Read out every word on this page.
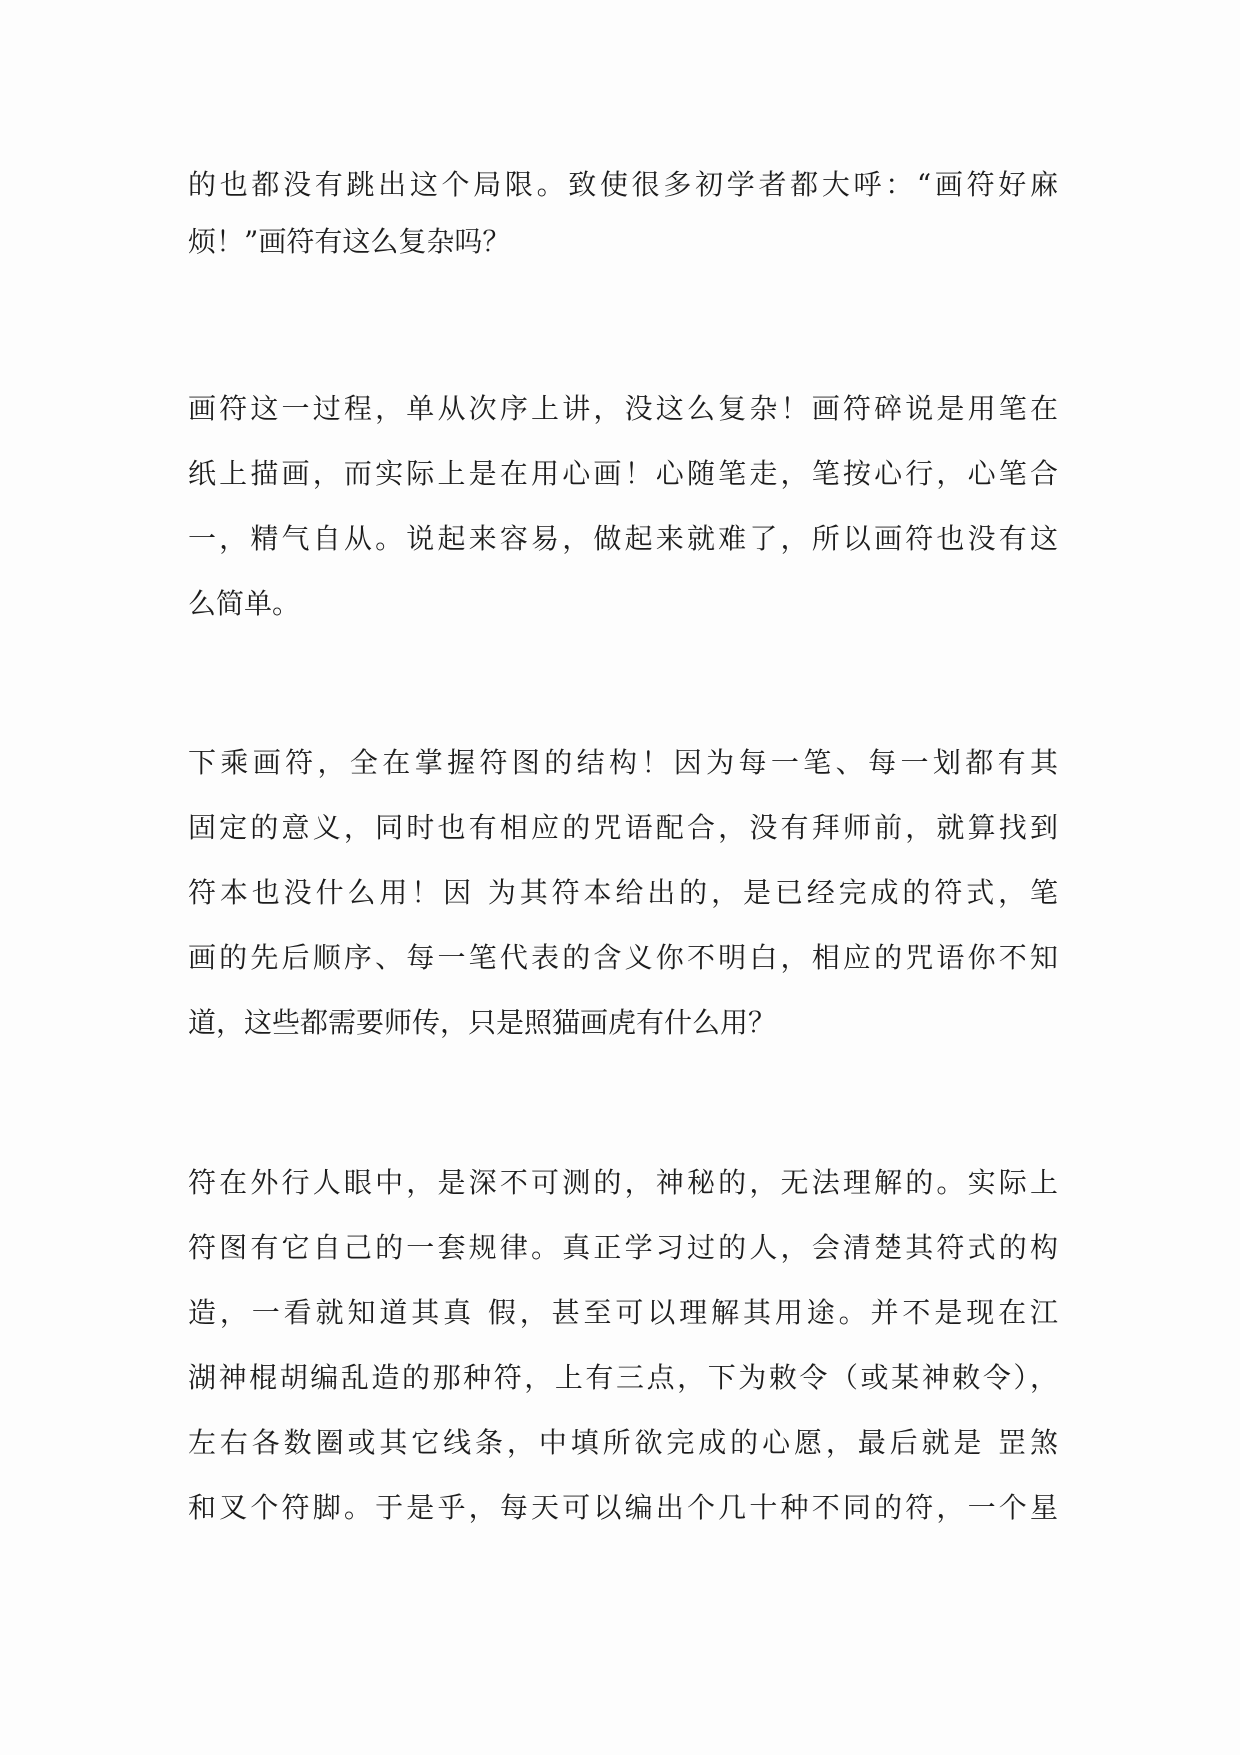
的也都没有跳出这个局限。致使很多初学者都大呼：“画符好麻
烦！”画符有这么复杂吗？
画符这一过程，单从次序上讲，没这么复杂！画符碎说是用笔在
纸上描画，而实际上是在用心画！心随笔走，笔按心行，心笔合
一，精气自从。说起来容易，做起来就难了，所以画符也没有这
么简单。
下乘画符，全在掌握符图的结构！因为每一笔、每一划都有其
固定的意义，同时也有相应的咒语配合，没有拜师前，就算找到
符本也没什么用！因 为其符本给出的，是已经完成的符式，笔
画的先后顺序、每一笔代表的含义你不明白，相应的咒语你不知
道，这些都需要师传，只是照猫画虎有什么用？
符在外行人眼中，是深不可测的，神秘的，无法理解的。实际上
符图有它自己的一套规律。真正学习过的人，会清楚其符式的构
造，一看就知道其真 假，甚至可以理解其用途。并不是现在江
湖神棍胡编乱造的那种符，上有三点，下为敕令（或某神敕令），
左右各数圈或其它线条，中填所欲完成的心愿，最后就是 罡煞
和叉个符脚。于是乎，每天可以编出个几十种不同的符，一个星
